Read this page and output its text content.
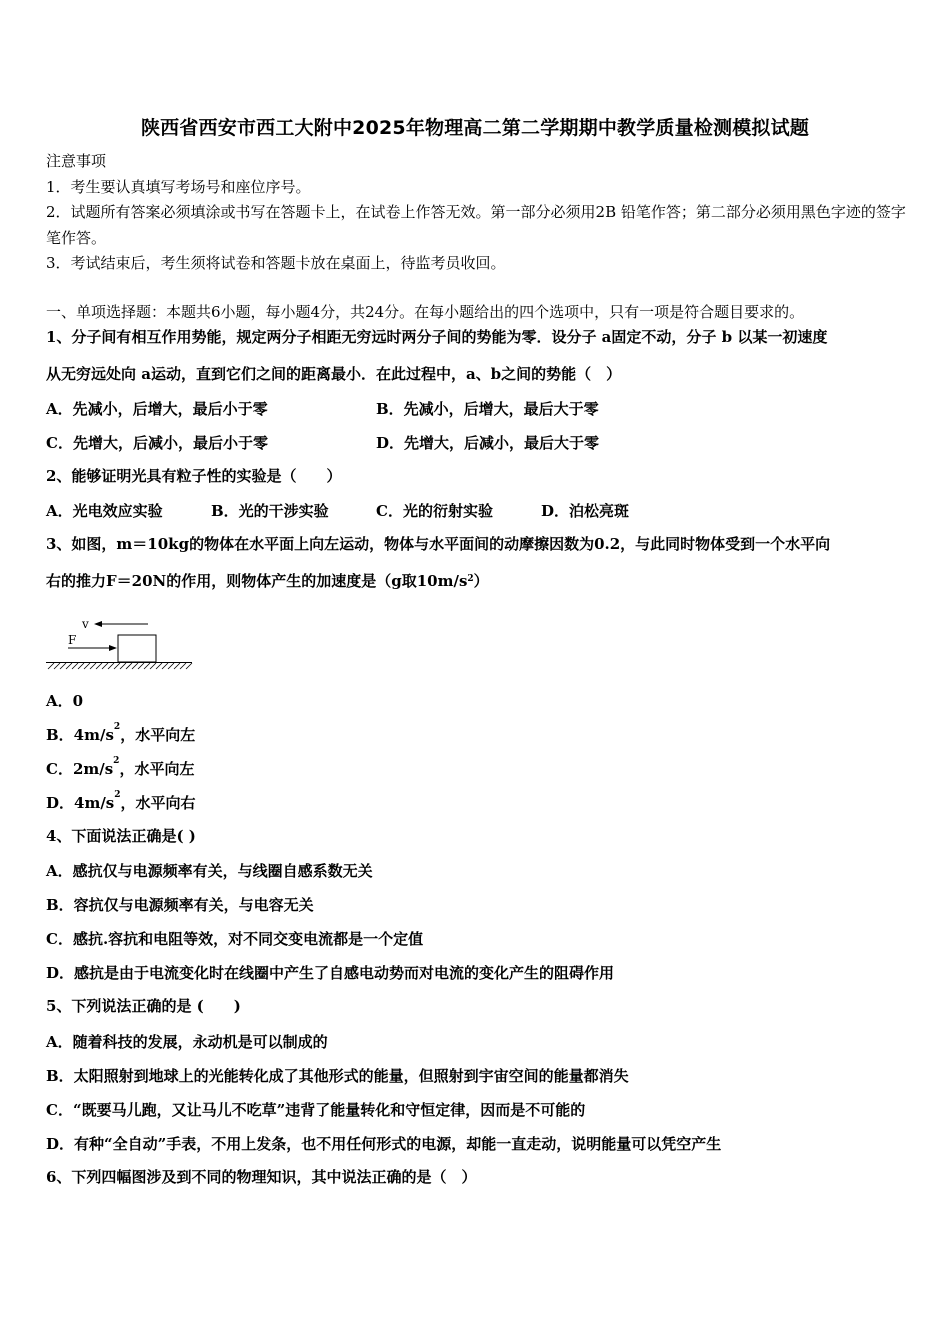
陕西省西安市西工大附中2025年物理高二第二学期期中教学质量检测模拟试题
注意事项
1．考生要认真填写考场号和座位序号。
2．试题所有答案必须填涂或书写在答题卡上，在试卷上作答无效。第一部分必须用2B 铅笔作答；第二部分必须用黑色字迹的签字笔作答。
3．考试结束后，考生须将试卷和答题卡放在桌面上，待监考员收回。
一、单项选择题：本题共6小题，每小题4分，共24分。在每小题给出的四个选项中，只有一项是符合题目要求的。
1、分子间有相互作用势能，规定两分子相距无穷远时两分子间的势能为零．设分子 a固定不动，分子 b 以某一初速度
从无穷远处向 a运动，直到它们之间的距离最小．在此过程中，a、b之间的势能（　）
A．先减小，后增大，最后小于零	B．先减小，后增大，最后大于零
C．先增大，后减小，最后小于零	D．先增大，后减小，最后大于零
2、能够证明光具有粒子性的实验是（　　）
A．光电效应实验	B．光的干涉实验	C．光的衍射实验	D．泊松亮斑
3、如图，m＝10kg的物体在水平面上向左运动，物体与水平面间的动摩擦因数为0.2，与此同时物体受到一个水平向
右的推力F＝20N的作用，则物体产生的加速度是（g取$10m/s^2$）
v
F
A．0
B．$4m/s^2$，水平向左
C．$2m/s^2$，水平向左
D．$4m/s^2$，水平向右
4、下面说法正确是( )
A．感抗仅与电源频率有关，与线圈自感系数无关
B．容抗仅与电源频率有关，与电容无关
C．感抗.容抗和电阻等效，对不同交变电流都是一个定值
D．感抗是由于电流变化时在线圈中产生了自感电动势而对电流的变化产生的阻碍作用
5、下列说法正确的是 (　　)
A．随着科技的发展，永动机是可以制成的
B．太阳照射到地球上的光能转化成了其他形式的能量，但照射到宇宙空间的能量都消失
C．“既要马儿跑，又让马儿不吃草”违背了能量转化和守恒定律，因而是不可能的
D．有种“全自动”手表，不用上发条，也不用任何形式的电源，却能一直走动，说明能量可以凭空产生
6、下列四幅图涉及到不同的物理知识，其中说法正确的是（　）
